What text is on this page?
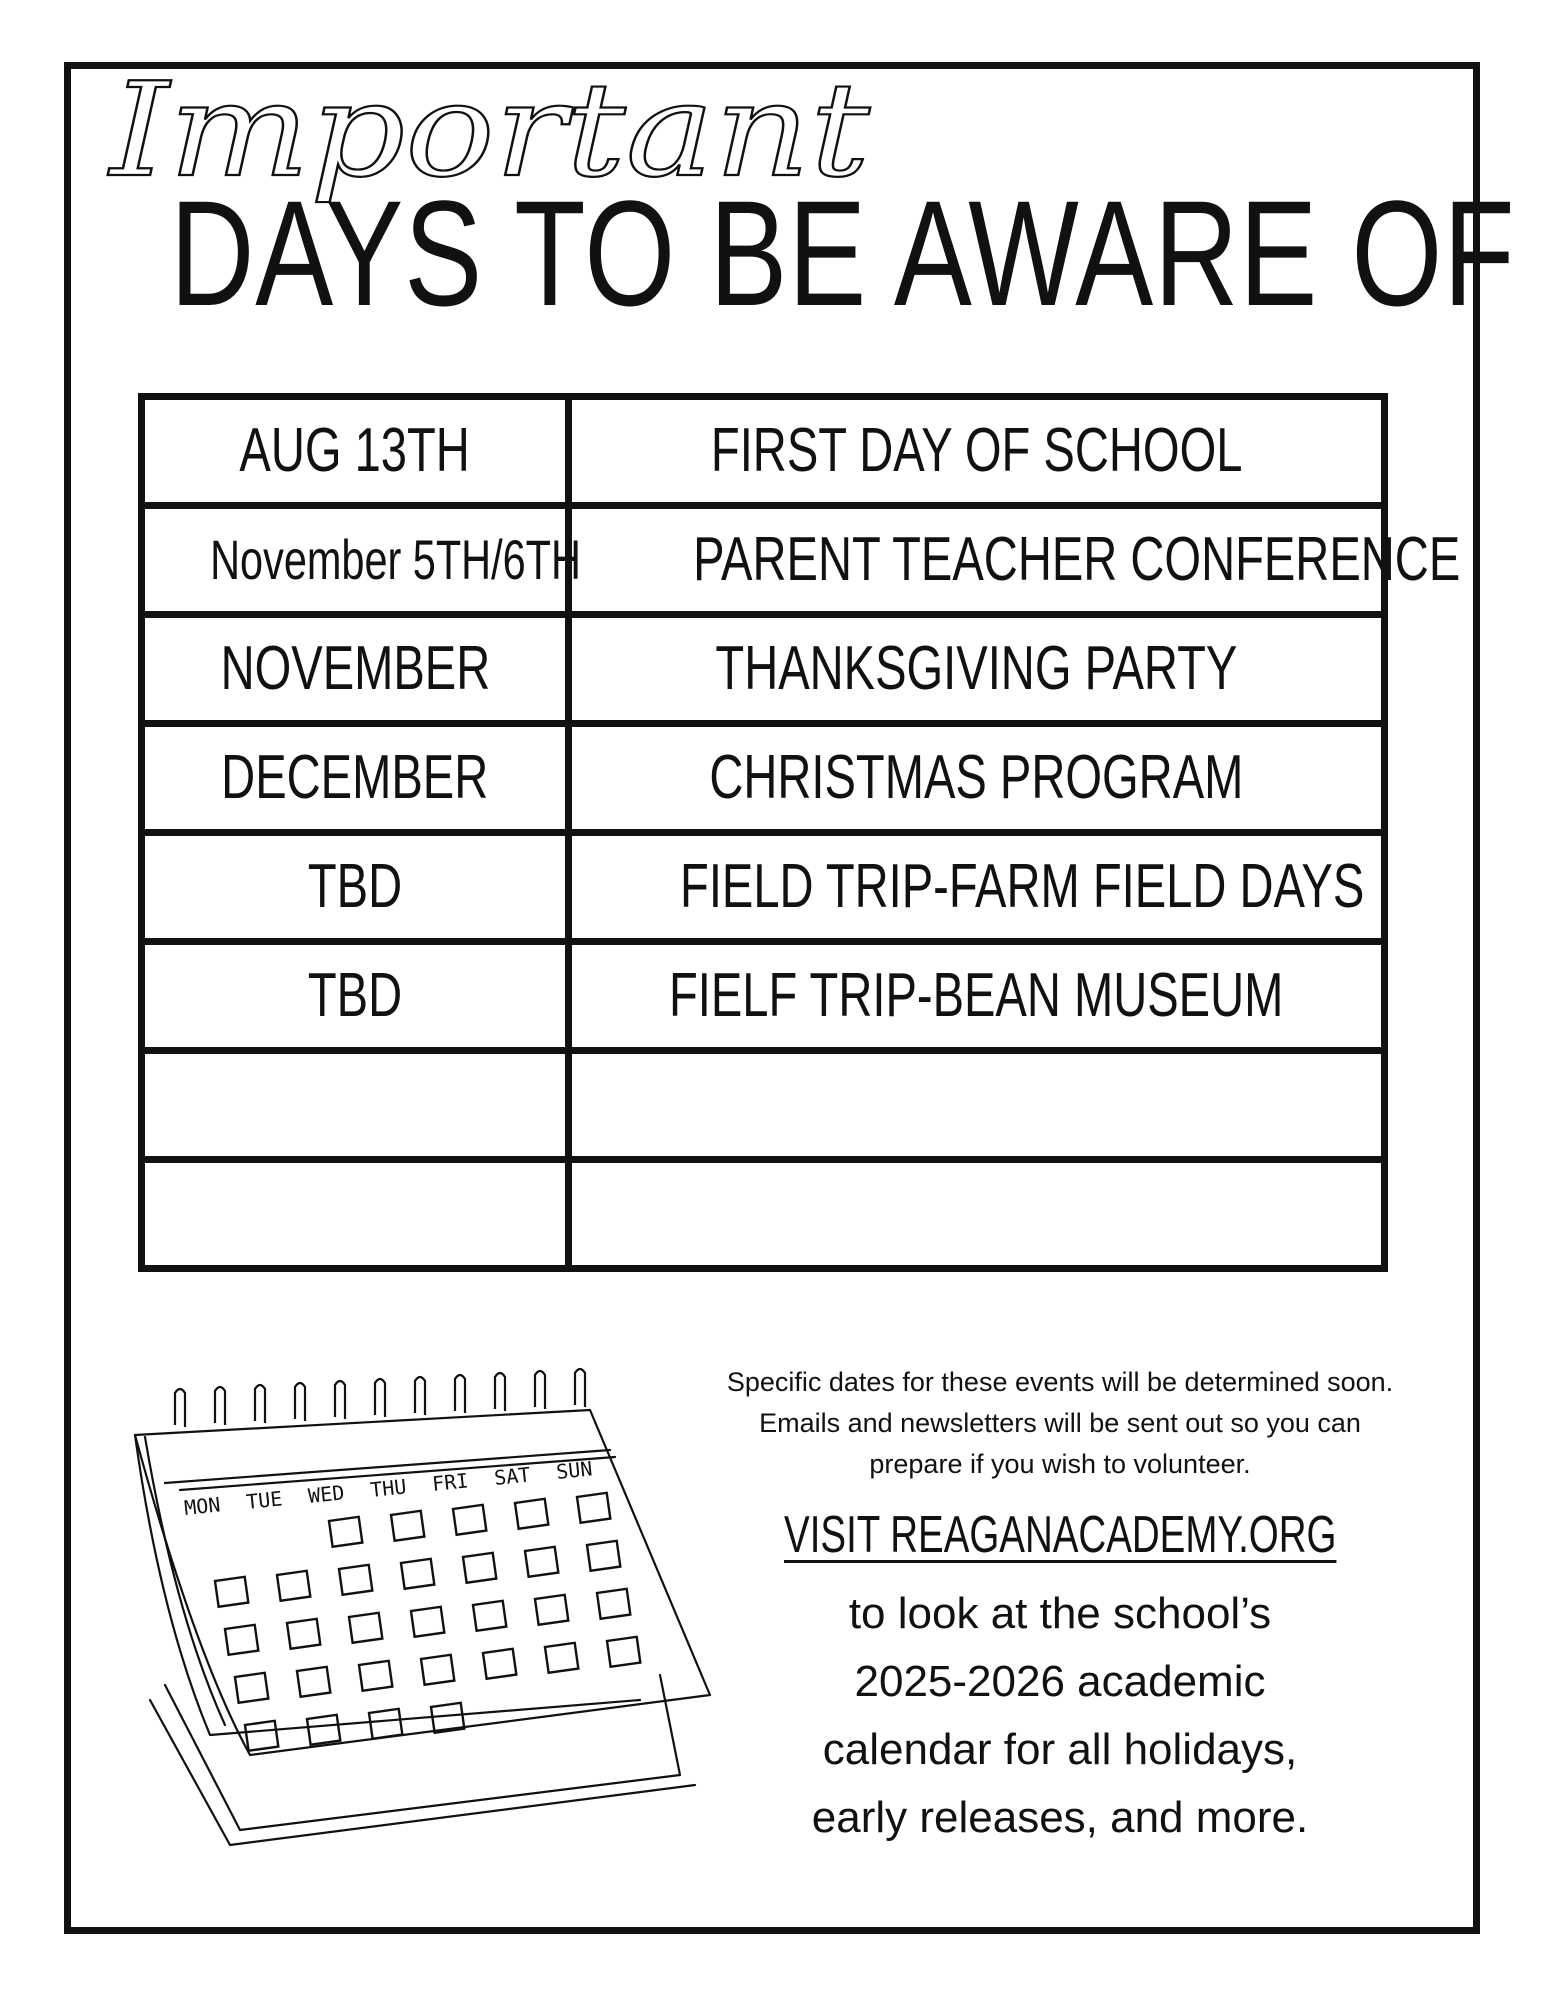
Important
DAYS TO BE AWARE OF
AUG 13TH	FIRST DAY OF SCHOOL
November 5TH/6TH	PARENT TEACHER CONFERENCE
NOVEMBER	THANKSGIVING PARTY
DECEMBER	CHRISTMAS PROGRAM
TBD	FIELD TRIP-FARM FIELD DAYS
TBD	FIELF TRIP-BEAN MUSEUM

MON TUE WED THU FRI SAT SUN
Specific dates for these events will be determined soon.
Emails and newsletters will be sent out so you can
prepare if you wish to volunteer.
VISIT REAGANACADEMY.ORG
to look at the school’s
2025-2026 academic
calendar for all holidays,
early releases, and more.
